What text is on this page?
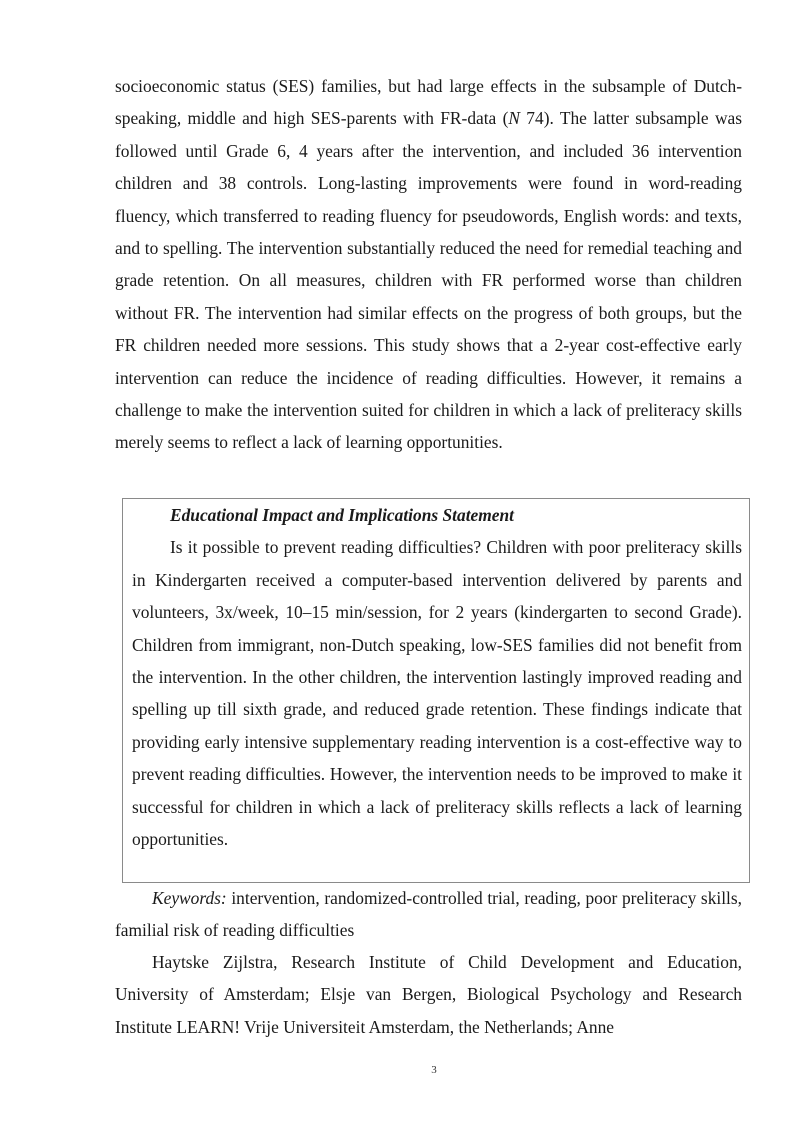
socioeconomic status (SES) families, but had large effects in the subsample of Dutch-speaking, middle and high SES-parents with FR-data (N 74). The latter subsample was followed until Grade 6, 4 years after the intervention, and included 36 intervention children and 38 controls. Long-lasting improvements were found in word-reading fluency, which transferred to reading fluency for pseudowords, English words: and texts, and to spelling. The intervention substantially reduced the need for remedial teaching and grade retention. On all measures, children with FR performed worse than children without FR. The intervention had similar effects on the progress of both groups, but the FR children needed more sessions. This study shows that a 2-year cost-effective early intervention can reduce the incidence of reading difficulties. However, it remains a challenge to make the intervention suited for children in which a lack of preliteracy skills merely seems to reflect a lack of learning opportunities.

Educational Impact and Implications Statement

Is it possible to prevent reading difficulties? Children with poor preliteracy skills in Kindergarten received a computer-based intervention delivered by parents and volunteers, 3x/week, 10–15 min/session, for 2 years (kindergarten to second Grade). Children from immigrant, non-Dutch speaking, low-SES families did not benefit from the intervention. In the other children, the intervention lastingly improved reading and spelling up till sixth grade, and reduced grade retention. These findings indicate that providing early intensive supplementary reading intervention is a cost-effective way to prevent reading difficulties. However, the intervention needs to be improved to make it successful for children in which a lack of preliteracy skills reflects a lack of learning opportunities.

Keywords: intervention, randomized-controlled trial, reading, poor preliteracy skills, familial risk of reading difficulties

Haytske Zijlstra, Research Institute of Child Development and Education, University of Amsterdam; Elsje van Bergen, Biological Psychology and Research Institute LEARN! Vrije Universiteit Amsterdam, the Netherlands; Anne

3
